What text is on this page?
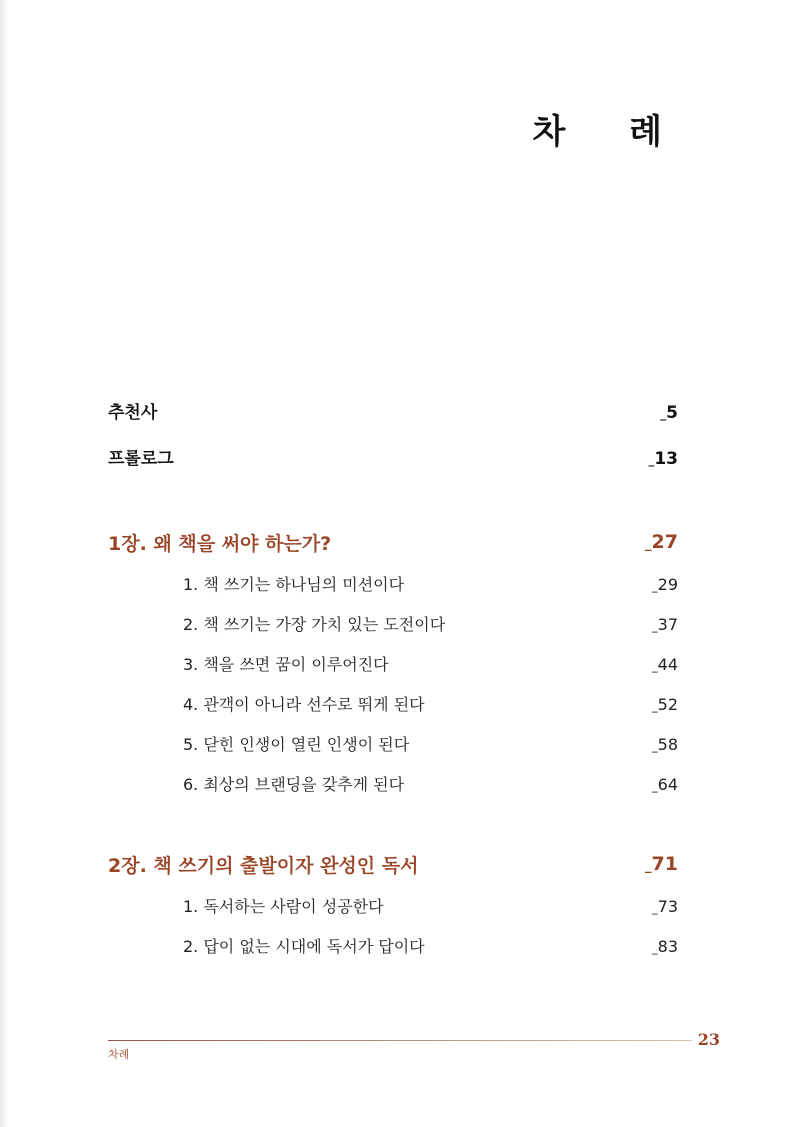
차 례
추천사	_5
프롤로그	_13
1장. 왜 책을 써야 하는가?	_27
1. 책 쓰기는 하나님의 미션이다	_29
2. 책 쓰기는 가장 가치 있는 도전이다	_37
3. 책을 쓰면 꿈이 이루어진다	_44
4. 관객이 아니라 선수로 뛰게 된다	_52
5. 닫힌 인생이 열린 인생이 된다	_58
6. 최상의 브랜딩을 갖추게 된다	_64
2장. 책 쓰기의 출발이자 완성인 독서	_71
1. 독서하는 사람이 성공한다	_73
2. 답이 없는 시대에 독서가 답이다	_83
23
차례
